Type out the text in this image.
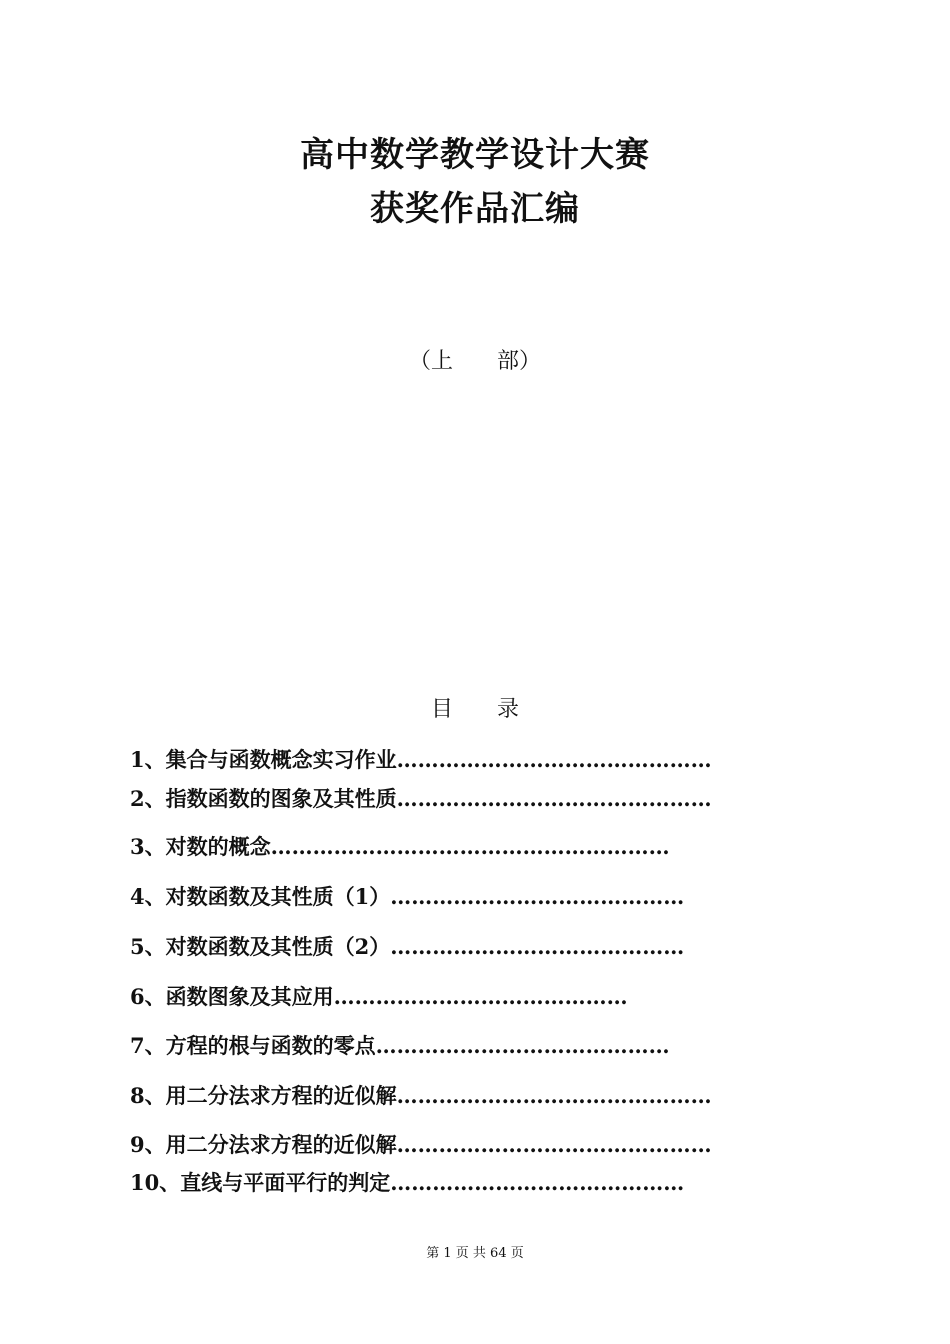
高中数学教学设计大赛
获奖作品汇编
（上　　部）
目　　录
1、集合与函数概念实习作业………………………………………
2、指数函数的图象及其性质………………………………………
3、对数的概念…………………………………………………
4、对数函数及其性质（1）……………………………………
5、对数函数及其性质（2）……………………………………
6、函数图象及其应用……………………………………
7、方程的根与函数的零点……………………………………
8、用二分法求方程的近似解………………………………………
9、用二分法求方程的近似解………………………………………
10、直线与平面平行的判定……………………………………
第 1 页 共 64 页
